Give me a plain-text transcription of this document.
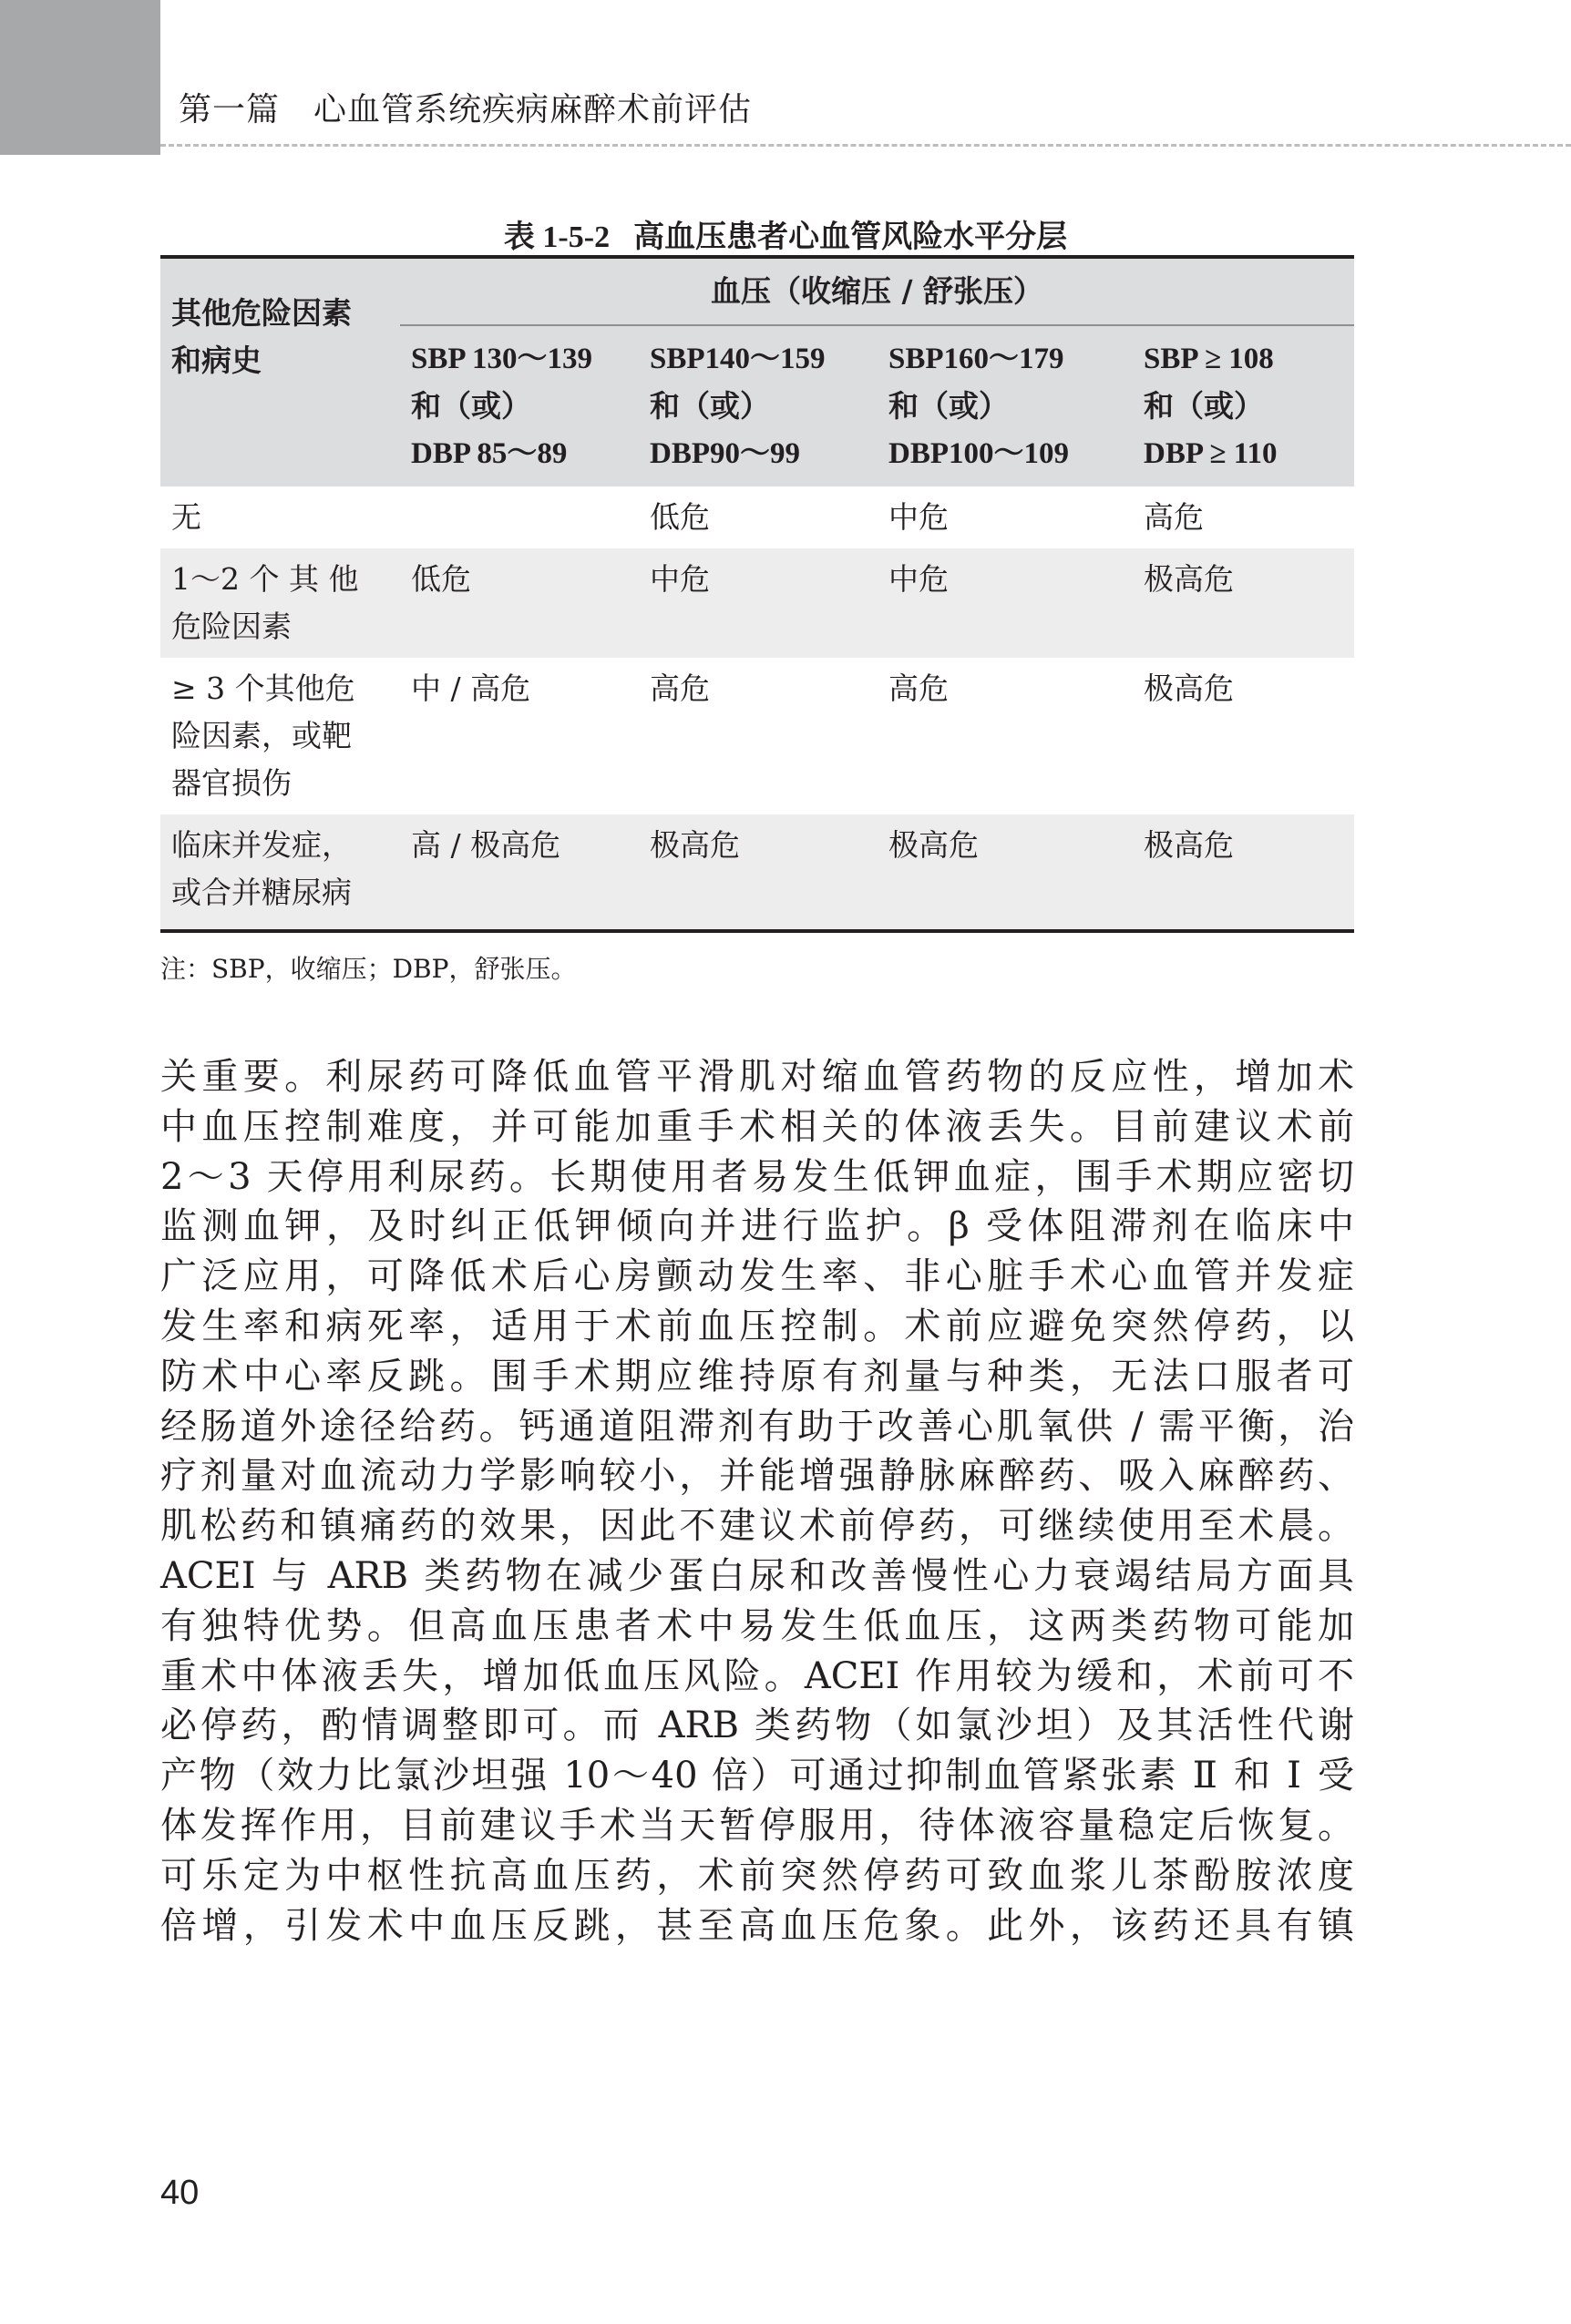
第一篇　心血管系统疾病麻醉术前评估
表 1-5-2 高血压患者心血管风险水平分层
其他危险因素
和病史	血压（收缩压 / 舒张压）			

	SBP 130～139
和（或）
DBP 85～89	SBP140～159
和（或）
DBP90～99	SBP160～179
和（或）
DBP100～109	SBP ≥ 108
和（或）
DBP ≥ 110

无		低危	中危	高危

1～2 个 其 他
危险因素	低危	中危	中危	极高危

≥ 3 个其他危
险因素，或靶
器官损伤	中 / 高危	高危	高危	极高危

临床并发症，
或合并糖尿病	高 / 极高危	极高危	极高危	极高危
注：SBP，收缩压；DBP，舒张压。
关重要。利尿药可降低血管平滑肌对缩血管药物的反应性，增加术
中血压控制难度，并可能加重手术相关的体液丢失。目前建议术前
2～3 天停用利尿药。长期使用者易发生低钾血症，围手术期应密切
监测血钾，及时纠正低钾倾向并进行监护。β 受体阻滞剂在临床中
广泛应用，可降低术后心房颤动发生率、非心脏手术心血管并发症
发生率和病死率，适用于术前血压控制。术前应避免突然停药，以
防术中心率反跳。围手术期应维持原有剂量与种类，无法口服者可
经肠道外途径给药。钙通道阻滞剂有助于改善心肌氧供 / 需平衡，治
疗剂量对血流动力学影响较小，并能增强静脉麻醉药、吸入麻醉药、
肌松药和镇痛药的效果，因此不建议术前停药，可继续使用至术晨。
ACEI 与 ARB 类药物在减少蛋白尿和改善慢性心力衰竭结局方面具
有独特优势。但高血压患者术中易发生低血压，这两类药物可能加
重术中体液丢失，增加低血压风险。ACEI 作用较为缓和，术前可不
必停药，酌情调整即可。而 ARB 类药物（如氯沙坦）及其活性代谢
产物（效力比氯沙坦强 10～40 倍）可通过抑制血管紧张素 Ⅱ 和 Ⅰ 受
体发挥作用，目前建议手术当天暂停服用，待体液容量稳定后恢复。
可乐定为中枢性抗高血压药，术前突然停药可致血浆儿茶酚胺浓度
倍增，引发术中血压反跳，甚至高血压危象。此外，该药还具有镇
40
